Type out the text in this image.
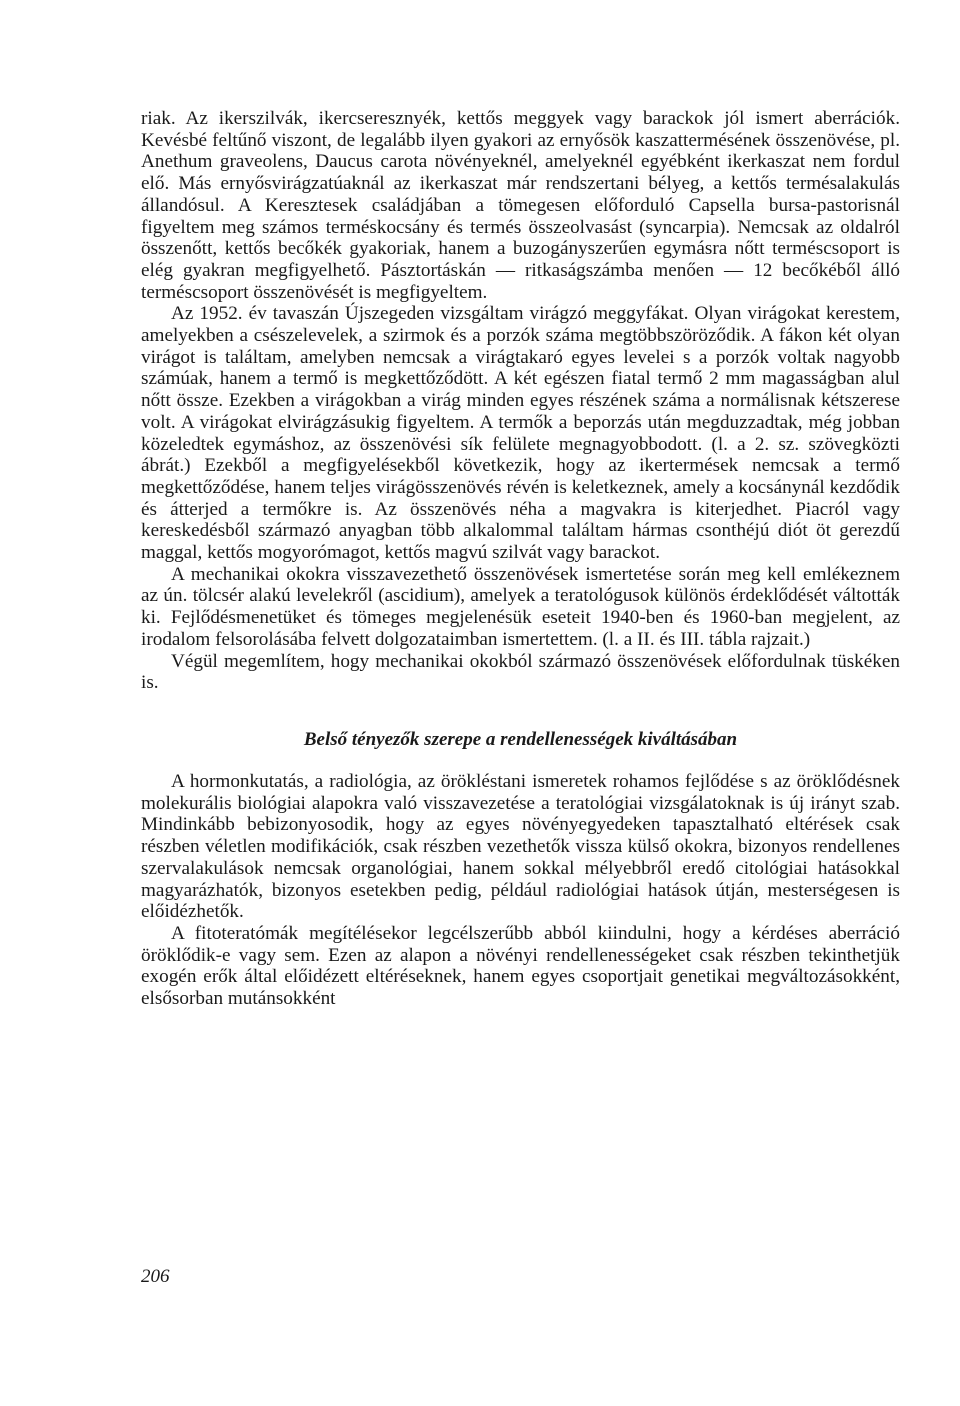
riak. Az ikerszilvák, ikercseresznyék, kettős meggyek vagy barackok jól ismert aberrációk. Kevésbé feltűnő viszont, de legalább ilyen gyakori az ernyősök kaszattermésének összenövése, pl. Anethum graveolens, Daucus carota növényeknél, amelyeknél egyébként ikerkaszat nem fordul elő. Más ernyősvirágzatúaknál az ikerkaszat már rendszertani bélyeg, a kettős termésalakulás állandósul. A Keresztesek családjában a tömegesen előforduló Capsella bursa-pastorisnál figyeltem meg számos terméskocsány és termés összeolvasást (syncarpia). Nemcsak az oldalról összenőtt, kettős becőkék gyakoriak, hanem a buzogányszerűen egymásra nőtt terméscsoport is elég gyakran megfigyelhető. Pásztortáskán — ritkaságszámba menően — 12 becőkéből álló terméscsoport összenövését is megfigyeltem.

Az 1952. év tavaszán Újszegeden vizsgáltam virágzó meggyfákat. Olyan virágokat kerestem, amelyekben a csészelevelek, a szirmok és a porzók száma megtöbbszöröződik. A fákon két olyan virágot is találtam, amelyben nemcsak a virágtakaró egyes levelei s a porzók voltak nagyobb számúak, hanem a termő is megkettőződött. A két egészen fiatal termő 2 mm magasságban alul nőtt össze. Ezekben a virágokban a virág minden egyes részének száma a normálisnak kétszerese volt. A virágokat elvirágzásukig figyeltem. A termők a beporzás után megduzzadtak, még jobban közeledtek egymáshoz, az összenövési sík felülete megnagyobbodott. (l. a 2. sz. szövegközti ábrát.) Ezekből a megfigyelésekből következik, hogy az ikertermések nemcsak a termő megkettőződése, hanem teljes virágösszenövés révén is keletkeznek, amely a kocsánynál kezdődik és átterjed a termőkre is. Az összenövés néha a magvakra is kiterjedhet. Piacról vagy kereskedésből származó anyagban több alkalommal találtam hármas csonthéjú diót öt gerezdű maggal, kettős mogyorómagot, kettős magvú szilvát vagy barackot.

A mechanikai okokra visszavezethető összenövések ismertetése során meg kell emlékeznem az ún. tölcsér alakú levelekről (ascidium), amelyek a teratológusok különös érdeklődését váltották ki. Fejlődésmenetüket és tömeges megjelenésük eseteit 1940-ben és 1960-ban megjelent, az irodalom felsorolásába felvett dolgozataimban ismertettem. (l. a II. és III. tábla rajzait.)

Végül megemlítem, hogy mechanikai okokból származó összenövések előfordulnak tüskéken is.

Belső tényezők szerepe a rendellenességek kiváltásában

A hormonkutatás, a radiológia, az örökléstani ismeretek rohamos fejlődése s az öröklődésnek molekurális biológiai alapokra való visszavezetése a teratológiai vizsgálatoknak is új irányt szab. Mindinkább bebizonyosodik, hogy az egyes növényegyedeken tapasztalható eltérések csak részben véletlen modifikációk, csak részben vezethetők vissza külső okokra, bizonyos rendellenes szervalakulások nemcsak organológiai, hanem sokkal mélyebbről eredő citológiai hatásokkal magyarázhatók, bizonyos esetekben pedig, például radiológiai hatások útján, mesterségesen is előidézhetők.

A fitoteratómák megítélésekor legcélszerűbb abból kiindulni, hogy a kérdéses aberráció öröklődik-e vagy sem. Ezen az alapon a növényi rendellenességeket csak részben tekinthetjük exogén erők által előidézett eltéréseknek, hanem egyes csoportjait genetikai megváltozásokként, elsősorban mutánsokként

206
